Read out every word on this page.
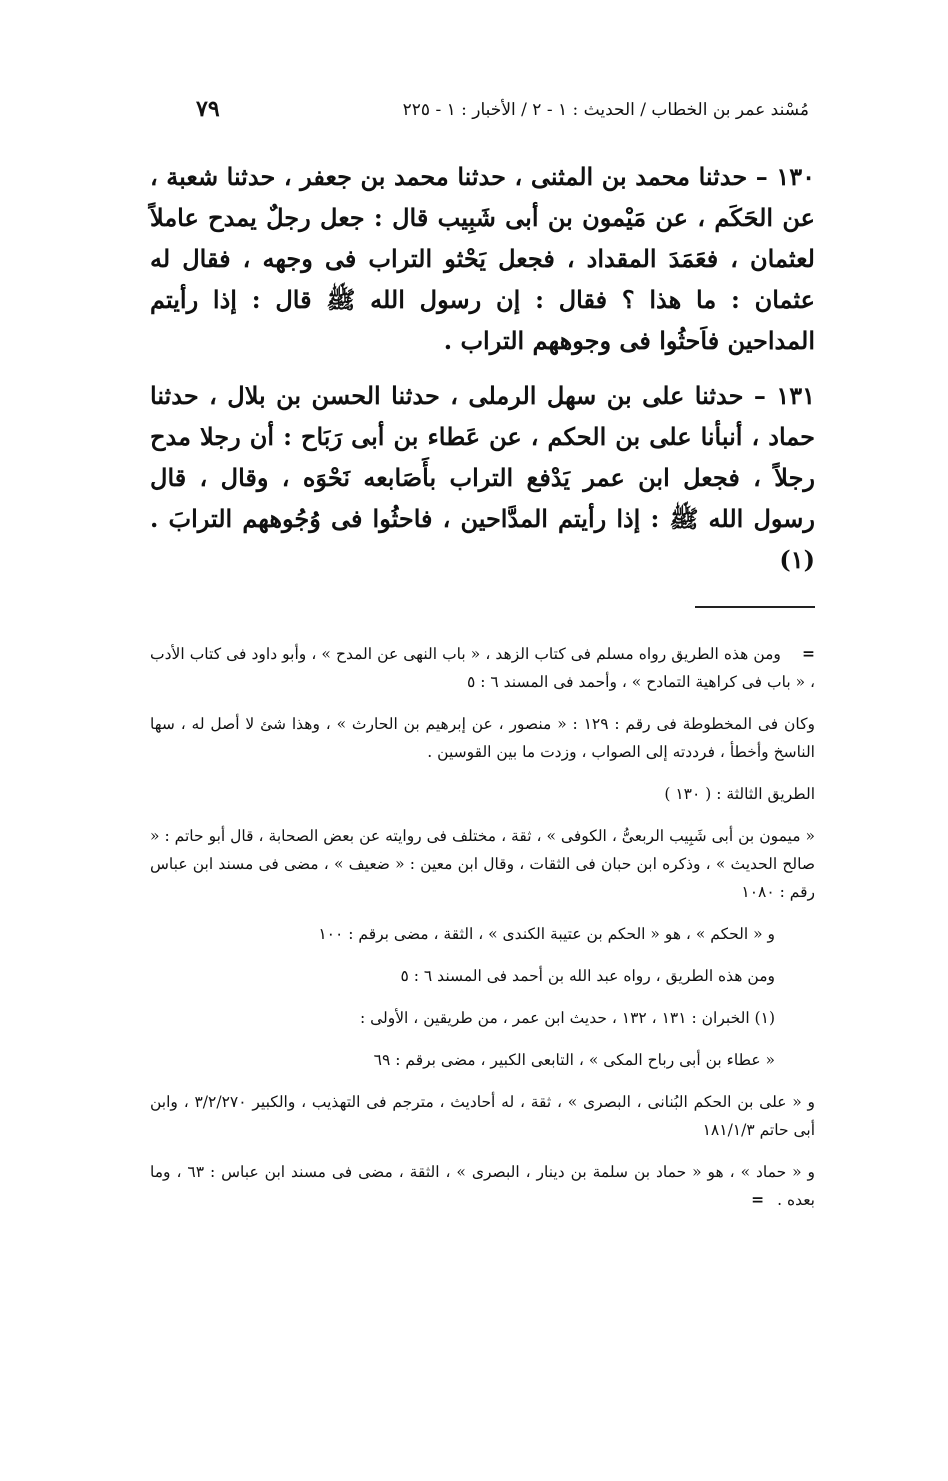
مُسْند عمر بن الخطاب / الحديث : ١ - ٢ / الأخبار : ١ - ٢٢٥
٧٩

١٣٠ – حدثنا محمد بن المثنى ، حدثنا محمد بن جعفر ، حدثنا شعبة ، عن الحَكَم ، عن مَيْمون بن أبى شَبِيب قال : جعل رجلٌ يمدح عاملاً لعثمان ، فعَمَدَ المقداد ، فجعل يَحْثو التراب فى وجهه ، فقال له عثمان : ما هذا ؟ فقال : إن رسول الله ﷺ قال : إذا رأيتم المداحين فاَحثُوا فى وجوههم التراب .

١٣١ – حدثنا على بن سهل الرملى ، حدثنا الحسن بن بلال ، حدثنا حماد ، أنبأنا على بن الحكم ، عن عَطاء بن أبى رَبَاح : أن رجلا مدح رجلاً ، فجعل ابن عمر يَدْفع التراب بأَصَابعه نَحْوَه ، وقال ، قال رسول الله ﷺ : إذا رأيتم المدَّاحين ، فاحثُوا فى وُجُوههم الترابَ . (١)

= ومن هذه الطريق رواه مسلم فى كتاب الزهد ، « باب النهى عن المدح » ، وأبو داود فى كتاب الأدب ، « باب فى كراهية التمادح » ، وأحمد فى المسند ٦ : ٥

وكان فى المخطوطة فى رقم : ١٢٩ : « منصور ، عن إبرهيم بن الحارث » ، وهذا شئ لا أصل له ، سها الناسخ وأخطأ ، فرددته إلى الصواب ، وزدت ما بين القوسين .

الطريق الثالثة : ( ١٣٠ )

« ميمون بن أبى شَبِيب الربعىُّ ، الكوفى » ، ثقة ، مختلف فى روايته عن بعض الصحابة ، قال أبو حاتم : « صالح الحديث » ، وذكره ابن حبان فى الثقات ، وقال ابن معين : « ضعيف » ، مضى فى مسند ابن عباس رقم : ١٠٨٠

و « الحكم » ، هو « الحكم بن عتيبة الكندى » ، الثقة ، مضى برقم : ١٠٠

ومن هذه الطريق ، رواه عبد الله بن أحمد فى المسند ٦ : ٥

(١) الخبران : ١٣١ ، ١٣٢ ، حديث ابن عمر ، من طريقين ، الأولى :

« عطاء بن أبى رباح المكى » ، التابعى الكبير ، مضى برقم : ٦٩

و « على بن الحكم البُنانى ، البصرى » ، ثقة ، له أحاديث ، مترجم فى التهذيب ، والكبير ٣/٢/٢٧٠ ، وابن أبى حاتم ١٨١/١/٣

و « حماد » ، هو « حماد بن سلمة بن دينار ، البصرى » ، الثقة ، مضى فى مسند ابن عباس : ٦٣ ، وما بعده . =
